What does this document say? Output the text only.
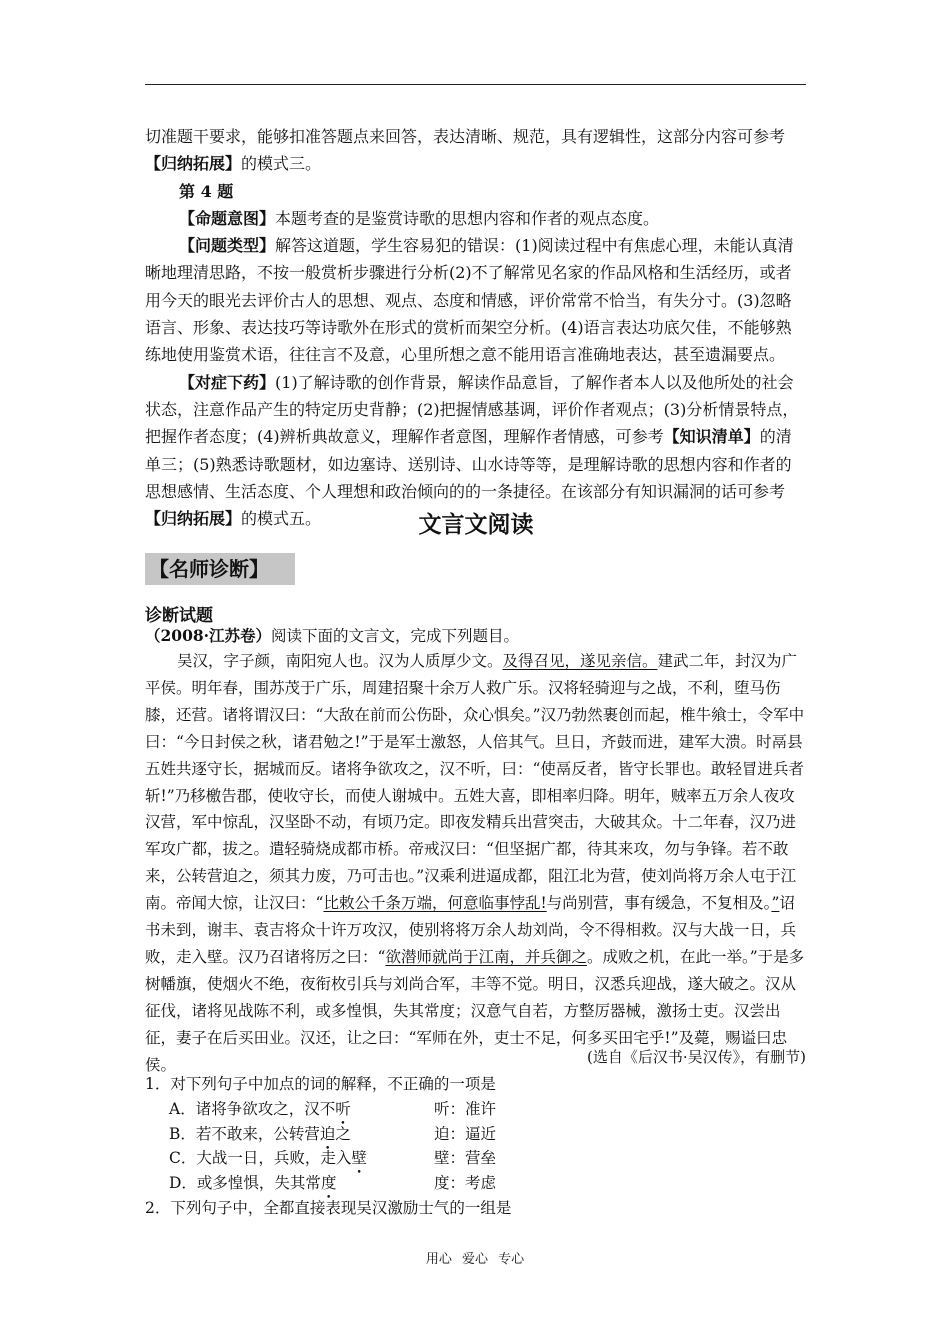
切准题干要求，能够扣准答题点来回答，表达清晰、规范，具有逻辑性，这部分内容可参考【归纳拓展】的模式三。

第 4 题

【命题意图】本题考查的是鉴赏诗歌的思想内容和作者的观点态度。

【问题类型】解答这道题，学生容易犯的错误：(1)阅读过程中有焦虑心理，未能认真清晰地理清思路，不按一般赏析步骤进行分析(2)不了解常见名家的作品风格和生活经历，或者用今天的眼光去评价古人的思想、观点、态度和情感，评价常常不恰当，有失分寸。(3)忽略语言、形象、表达技巧等诗歌外在形式的赏析而架空分析。(4)语言表达功底欠佳，不能够熟练地使用鉴赏术语，往往言不及意，心里所想之意不能用语言准确地表达，甚至遗漏要点。

【对症下药】(1)了解诗歌的创作背景，解读作品意旨，了解作者本人以及他所处的社会状态，注意作品产生的特定历史背静；(2)把握情感基调，评价作者观点；(3)分析情景特点，把握作者态度；(4)辨析典故意义，理解作者意图，理解作者情感，可参考【知识清单】的清单三；(5)熟悉诗歌题材，如边塞诗、送别诗、山水诗等等，是理解诗歌的思想内容和作者的思想感情、生活态度、个人理想和政治倾向的的一条捷径。在该部分有知识漏洞的话可参考【归纳拓展】的模式五。	文言文阅读
【名师诊断】
诊断试题
（2008·江苏卷）阅读下面的文言文，完成下列题目。

吴汉，字子颜，南阳宛人也。汉为人质厚少文。及得召见，遂见亲信。建武二年，封汉为广平侯。明年春，围苏茂于广乐，周建招聚十余万人救广乐。汉将轻骑迎与之战，不利，堕马伤膝，还营。诸将谓汉曰：“大敌在前而公伤卧，众心惧矣。”汉乃勃然裹创而起，椎牛飨士，令军中曰：“今日封侯之秋，诸君勉之!”于是军士激怒，人倍其气。旦日，齐鼓而进，建军大溃。时鬲县五姓共逐守长，据城而反。诸将争欲攻之，汉不听，曰：“使鬲反者，皆守长罪也。敢轻冒进兵者斩!”乃移檄告郡，使收守长，而使人谢城中。五姓大喜，即相率归降。明年，贼率五万余人夜攻汉营，军中惊乱，汉坚卧不动，有顷乃定。即夜发精兵出营突击，大破其众。十二年春，汉乃进军攻广都，拔之。遣轻骑烧成都市桥。帝戒汉曰：“但坚据广都，待其来攻，勿与争锋。若不敢来，公转营迫之，须其力废，乃可击也。”汉乘利进逼成都，阻江北为营，使刘尚将万余人屯于江南。帝闻大惊，让汉曰：“比敕公千条万端，何意临事悖乱!与尚别营，事有缓急，不复相及。”诏书未到，谢丰、袁吉将众十许万攻汉，使别将将万余人劫刘尚，令不得相救。汉与大战一日，兵败，走入壁。汉乃召诸将厉之曰：“欲潜师就尚于江南，并兵御之。成败之机，在此一举。”于是多树幡旗，使烟火不绝，夜衔枚引兵与刘尚合军，丰等不觉。明日，汉悉兵迎战，遂大破之。汉从征伐，诸将见战陈不利，或多惶惧，失其常度；汉意气自若，方整厉器械，激扬士吏。汉尝出征，妻子在后买田业。汉还，让之曰：“军师在外，吏士不足，何多买田宅乎!”及薨，赐谥曰忠侯。	(选自《后汉书·吴汉传》，有删节)
1．对下列句子中加点的词的解释，不正确的一项是
A．诸将争欲攻之，汉不听	听：准许
B．若不敢来，公转营迫之	迫：逼近
C．大战一日，兵败，走入壁	壁：营垒
D．或多惶惧，失其常度	度：考虑
2．下列句子中，全都直接表现吴汉激励士气的一组是
用心 爱心 专心
